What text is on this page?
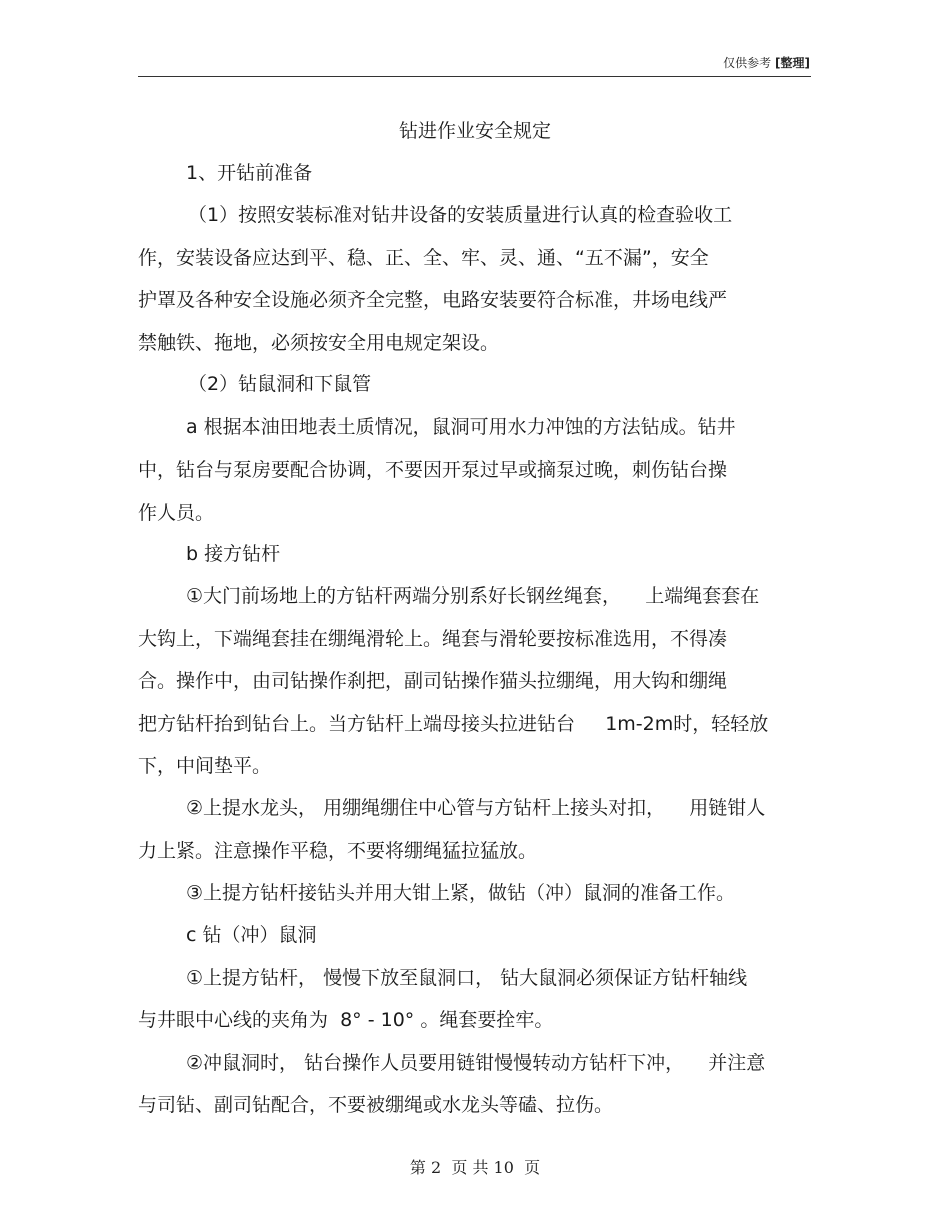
仅供参考 [整理]
钻进作业安全规定
1、开钻前准备
（1）按照安装标准对钻井设备的安装质量进行认真的检查验收工
作，安装设备应达到平、稳、正、全、牢、灵、通、“五不漏”，安全
护罩及各种安全设施必须齐全完整，电路安装要符合标准，井场电线严
禁触铁、拖地，必须按安全用电规定架设。
（2）钻鼠洞和下鼠管
a 根据本油田地表土质情况，鼠洞可用水力冲蚀的方法钻成。钻井
中，钻台与泵房要配合协调，不要因开泵过早或摘泵过晚，刺伤钻台操
作人员。
b 接方钻杆
①大门前场地上的方钻杆两端分别系好长钢丝绳套，    上端绳套套在
大钩上，下端绳套挂在绷绳滑轮上。绳套与滑轮要按标准选用，不得凑
合。操作中，由司钻操作刹把，副司钻操作猫头拉绷绳，用大钩和绷绳
把方钻杆抬到钻台上。当方钻杆上端母接头拉进钻台     1m-2m时，轻轻放
下，中间垫平。
②上提水龙头， 用绷绳绷住中心管与方钻杆上接头对扣，    用链钳人
力上紧。注意操作平稳，不要将绷绳猛拉猛放。
③上提方钻杆接钻头并用大钳上紧，做钻（冲）鼠洞的准备工作。
c 钻（冲）鼠洞
①上提方钻杆， 慢慢下放至鼠洞口， 钻大鼠洞必须保证方钻杆轴线
与井眼中心线的夹角为  8° - 10° 。绳套要拴牢。
②冲鼠洞时， 钻台操作人员要用链钳慢慢转动方钻杆下冲，    并注意
与司钻、副司钻配合，不要被绷绳或水龙头等磕、拉伤。
第 2  页 共 10  页
